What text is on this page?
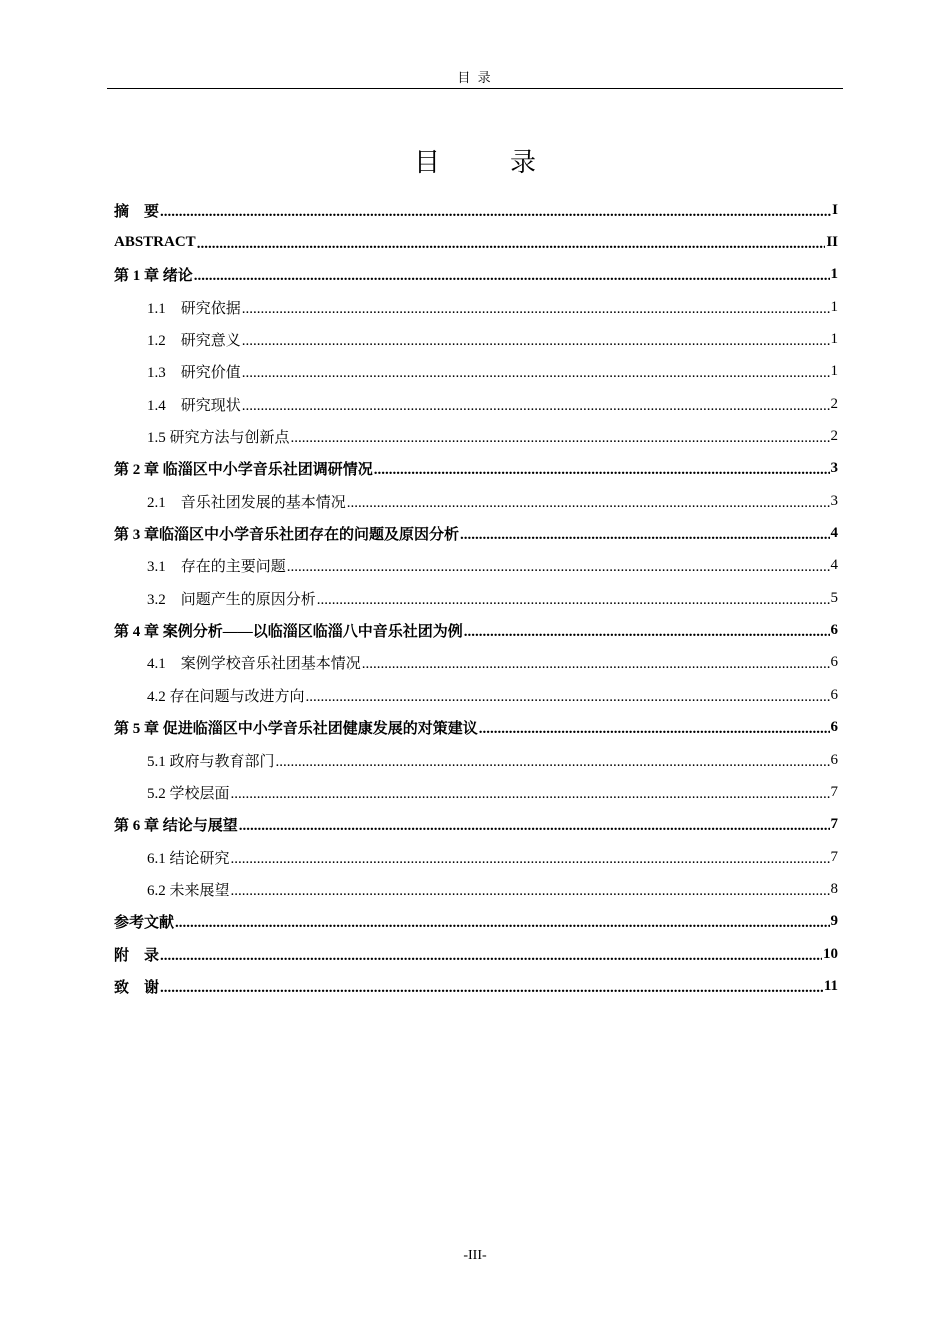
目 录
目　录
摘　要 .....	I
ABSTRACT .....	II
第 1 章 绪论 .....	1
1.1　研究依据 .....	1
1.2　研究意义 .....	1
1.3　研究价值 .....	1
1.4　研究现状 .....	2
1.5 研究方法与创新点 .....	2
第 2 章 临淄区中小学音乐社团调研情况 .....	3
2.1　音乐社团发展的基本情况 .....	3
第 3 章临淄区中小学音乐社团存在的问题及原因分析 .....	4
3.1　存在的主要问题 .....	4
3.2　问题产生的原因分析 .....	5
第 4 章 案例分析——以临淄区临淄八中音乐社团为例 .....	6
4.1　案例学校音乐社团基本情况 .....	6
4.2 存在问题与改进方向 .....	6
第 5 章 促进临淄区中小学音乐社团健康发展的对策建议 .....	6
5.1 政府与教育部门 .....	6
5.2 学校层面 .....	7
第 6 章 结论与展望 .....	7
6.1 结论研究 .....	7
6.2 未来展望 .....	8
参考文献 .....	9
附　录 .....	10
致　谢 .....	11
-III-
